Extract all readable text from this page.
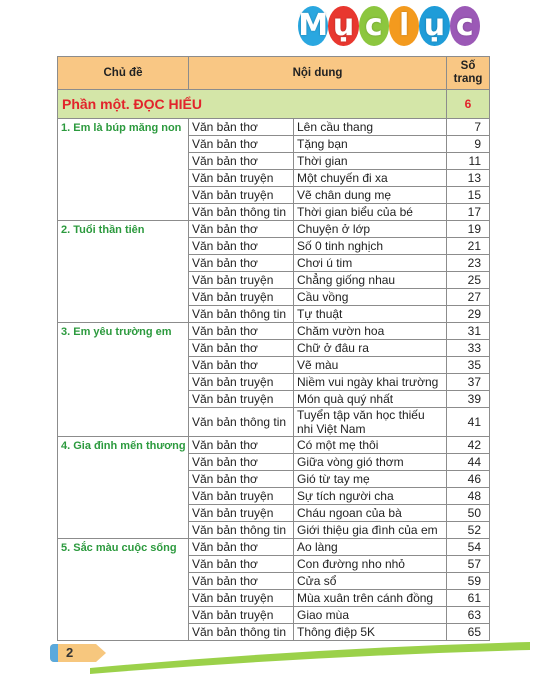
M ụ c l ụ c
Chủ đề	Nội dung		Số trang
Phần một. ĐỌC HIỂU			6
1. Em là búp măng non	Văn bản thơ	Lên cầu thang	7
	Văn bản thơ	Tặng bạn	9
	Văn bản thơ	Thời gian	11
	Văn bản truyện	Một chuyến đi xa	13
	Văn bản truyện	Vẽ chân dung mẹ	15
	Văn bản thông tin	Thời gian biểu của bé	17
2. Tuổi thần tiên	Văn bản thơ	Chuyện ở lớp	19
	Văn bản thơ	Số 0 tinh nghịch	21
	Văn bản thơ	Chơi ú tim	23
	Văn bản truyện	Chẳng giống nhau	25
	Văn bản truyện	Cầu vồng	27
	Văn bản thông tin	Tự thuật	29
3. Em yêu trường em	Văn bản thơ	Chăm vườn hoa	31
	Văn bản thơ	Chữ ở đâu ra	33
	Văn bản thơ	Vẽ màu	35
	Văn bản truyện	Niềm vui ngày khai trường	37
	Văn bản truyện	Món quà quý nhất	39
	Văn bản thông tin	Tuyển tập văn học thiếu nhi Việt Nam	41
4. Gia đình mến thương	Văn bản thơ	Có một mẹ thôi	42
	Văn bản thơ	Giữa vòng gió thơm	44
	Văn bản thơ	Gió từ tay mẹ	46
	Văn bản truyện	Sự tích người cha	48
	Văn bản truyện	Cháu ngoan của bà	50
	Văn bản thông tin	Giới thiệu gia đình của em	52
5. Sắc màu cuộc sống	Văn bản thơ	Ao làng	54
	Văn bản thơ	Con đường nho nhỏ	57
	Văn bản thơ	Cửa sổ	59
	Văn bản truyện	Mùa xuân trên cánh đồng	61
	Văn bản truyện	Giao mùa	63
	Văn bản thông tin	Thông điệp 5K	65
2
